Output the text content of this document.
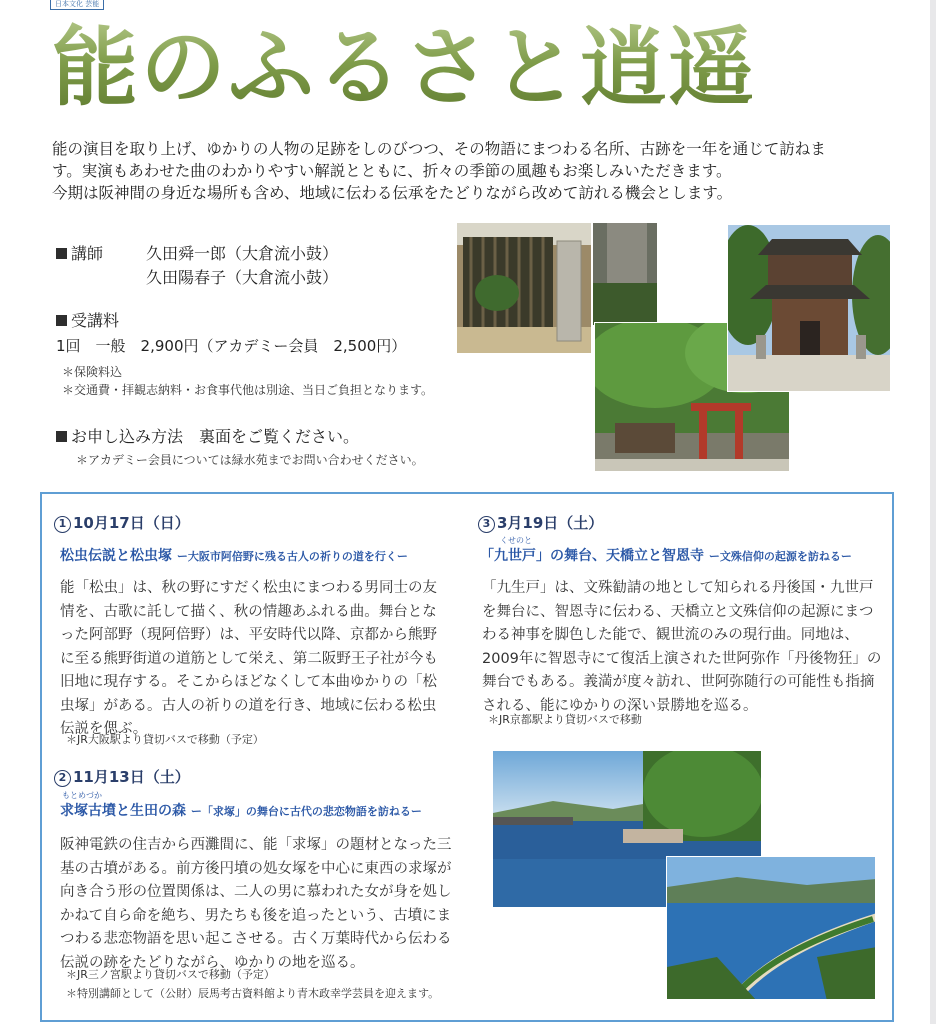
日本文化 芸能
能のふるさと逍遥

能の演目を取り上げ、ゆかりの人物の足跡をしのびつつ、その物語にまつわる名所、古跡を一年を通じて訪ねま

す。実演もあわせた曲のわかりやすい解説とともに、折々の季節の風趣もお楽しみいただきます。

今期は阪神間の身近な場所も含め、地域に伝わる伝承をたどりながら改めて訪れる機会とします。

講師	久田舜一郎（大倉流小鼓）
久田陽春子（大倉流小鼓）
受講料
1回　一般　2,900円（アカデミー会員　2,500円）
＊保険料込
＊交通費・拝観志納料・お食事代他は別途、当日ご負担となります。
お申し込み方法　裏面をご覧ください。
＊アカデミー会員については緑水苑までお問い合わせください。
1 10月17日（日）
松虫伝説と松虫塚 ー大阪市阿倍野に残る古人の祈りの道を行くー

能「松虫」は、秋の野にすだく松虫にまつわる男同士の友

情を、古歌に託して描く、秋の情趣あふれる曲。舞台とな

った阿部野（現阿倍野）は、平安時代以降、京都から熊野

に至る熊野街道の道筋として栄え、第二阪野王子社が今も

旧地に現存する。そこからほどなくして本曲ゆかりの「松

虫塚」がある。古人の祈りの道を行き、地域に伝わる松虫

伝説を偲ぶ。

＊JR大阪駅より貸切バスで移動（予定）
2 11月13日（土）
もとめづか
求塚古墳と生田の森 ー「求塚」の舞台に古代の悲恋物語を訪ねるー

阪神電鉄の住吉から西灘間に、能「求塚」の題材となった三

基の古墳がある。前方後円墳の処女塚を中心に東西の求塚が

向き合う形の位置関係は、二人の男に慕われた女が身を処し

かねて自ら命を絶ち、男たちも後を追ったという、古墳にま

つわる悲恋物語を思い起こさせる。古く万葉時代から伝わる

伝説の跡をたどりながら、ゆかりの地を巡る。

＊JR三ノ宮駅より貸切バスで移動（予定）
＊特別講師として（公財）辰馬考古資料館より青木政幸学芸員を迎えます。
3 3月19日（土）
くせのと
「九世戸」の舞台、天橋立と智恩寺 ー文殊信仰の起源を訪ねるー

「九生戸」は、文殊勧請の地として知られる丹後国・九世戸

を舞台に、智恩寺に伝わる、天橋立と文殊信仰の起源にまつ

わる神事を脚色した能で、観世流のみの現行曲。同地は、

2009年に智恩寺にて復活上演された世阿弥作「丹後物狂」の

舞台でもある。義満が度々訪れ、世阿弥随行の可能性も指摘

される、能にゆかりの深い景勝地を巡る。

＊JR京都駅より貸切バスで移動
